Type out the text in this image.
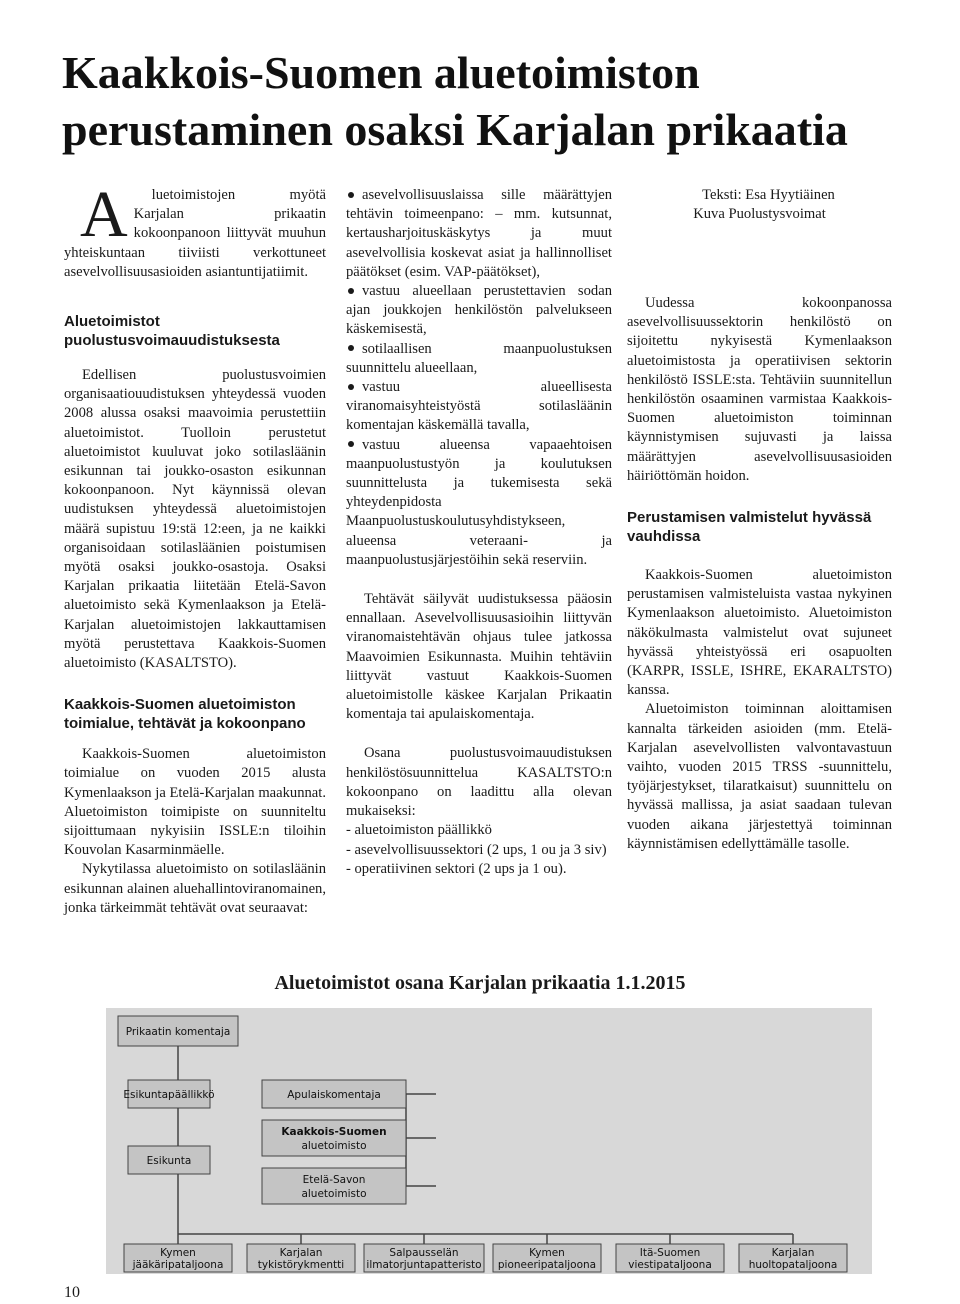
Kaakkois-Suomen aluetoimiston
perustaminen osaksi Karjalan prikaatia

A luetoimistojen myötä Karjalan prikaatin kokoonpanoon liittyvät muuhun yhteiskuntaan tiiviisti verkottuneet asevelvollisuusasioiden asiantuntijatiimit.

Aluetoimistot puolustusvoimauudistuksesta

Edellisen puolustusvoimien organisaatiouudistuksen yhteydessä vuoden 2008 alussa osaksi maavoimia perustettiin aluetoimistot. Tuolloin perustetut aluetoimistot kuuluvat joko sotilasläänin esikunnan tai joukko-osaston esikunnan kokoonpanoon. Nyt käynnissä olevan uudistuksen yhteydessä aluetoimistojen määrä supistuu 19:stä 12:een, ja ne kaikki organisoidaan sotilasläänien poistumisen myötä osaksi joukko-osastoja. Osaksi Karjalan prikaatia liitetään Etelä-Savon aluetoimisto sekä Kymenlaakson ja Etelä-Karjalan aluetoimistojen lakkauttamisen myötä perustettava Kaakkois-Suomen aluetoimisto (KASALTSTO).

Kaakkois-Suomen aluetoimiston toimialue, tehtävät ja kokoonpano

Kaakkois-Suomen aluetoimiston toimialue on vuoden 2015 alusta Kymenlaakson ja Etelä-Karjalan maakunnat. Aluetoimiston toimipiste on suunniteltu sijoittumaan nykyisiin ISSLE:n tiloihin Kouvolan Kasarminmäelle.

Nykytilassa aluetoimisto on sotilasläänin esikunnan alainen aluehallintoviranomainen, jonka tärkeimmät tehtävät ovat seuraavat:

asevelvollisuuslaissa sille määrättyjen tehtävin toimeenpano: – mm. kutsunnat, kertausharjoituskäskytys ja muut asevelvollisia koskevat asiat ja hallinnolliset päätökset (esim. VAP-päätökset),
vastuu alueellaan perustettavien sodan ajan joukkojen henkilöstön palvelukseen käskemisestä,
sotilaallisen maanpuolustuksen suunnittelu alueellaan,
vastuu alueellisesta viranomaisyhteistyöstä sotilasläänin komentajan käskemällä tavalla,
vastuu alueensa vapaaehtoisen maanpuolustustyön ja koulutuksen suunnittelusta ja tukemisesta sekä yhteydenpidosta Maanpuolustuskoulutusyhdistykseen, alueensa veteraani- ja maanpuolustusjärjestöihin sekä reserviin.

Tehtävät säilyvät uudistuksessa pääosin ennallaan. Asevelvollisuusasioihin liittyvän viranomaistehtävän ohjaus tulee jatkossa Maavoimien Esikunnasta. Muihin tehtäviin liittyvät vastuut Kaakkois-Suomen aluetoimistolle käskee Karjalan Prikaatin komentaja tai apulaiskomentaja.

Osana puolustusvoimauudistuksen henkilöstösuunnittelua KASALTSTO:n kokoonpano on laadittu alla olevan mukaiseksi:

- aluetoimiston päällikkö
- asevelvollisuussektori (2 ups, 1 ou ja 3 siv)
- operatiivinen sektori (2 ups ja 1 ou).

Teksti: Esa Hyytiäinen
Kuva Puolustysvoimat

Uudessa kokoonpanossa asevelvollisuussektorin henkilöstö on sijoitettu nykyisestä Kymenlaakson aluetoimistosta ja operatiivisen sektorin henkilöstö ISSLE:sta. Tehtäviin suunnitellun henkilöstön osaaminen varmistaa Kaakkois-Suomen aluetoimiston toiminnan käynnistymisen sujuvasti ja laissa määrättyjen asevelvollisuusasioiden häiriöttömän hoidon.

Perustamisen valmistelut hyvässä vauhdissa

Kaakkois-Suomen aluetoimiston perustamisen valmisteluista vastaa nykyinen Kymenlaakson aluetoimisto. Aluetoimiston näkökulmasta valmistelut ovat sujuneet hyvässä yhteistyössä eri osapuolten (KARPR, ISSLE, ISHRE, EKARALTSTO) kanssa.

Aluetoimiston toiminnan aloittamisen kannalta tärkeiden asioiden (mm. Etelä-Karjalan asevelvollisten valvontavastuun vaihto, vuoden 2015 TRSS -suunnittelu, työjärjestykset, tilaratkaisut) suunnittelu on hyvässä mallissa, ja asiat saadaan tulevan vuoden aikana järjestettyä toiminnan käynnistämisen edellyttämälle tasolle.

Aluetoimistot osana Karjalan prikaatia 1.1.2015
Prikaatin komentaja
Esikuntapäällikkö	Apulaiskomentaja
Esikunta
Kaakkois-Suomen
aluetoimisto
Etelä-Savon
aluetoimisto
Kymen
jääkäripataljoona
Karjalan
tykistörykmentti
Salpausselän
ilmatorjuntapatteristo
Kymen
pioneeripataljoona
Itä-Suomen
viestipataljoona
Karjalan
huoltopataljoona

10
